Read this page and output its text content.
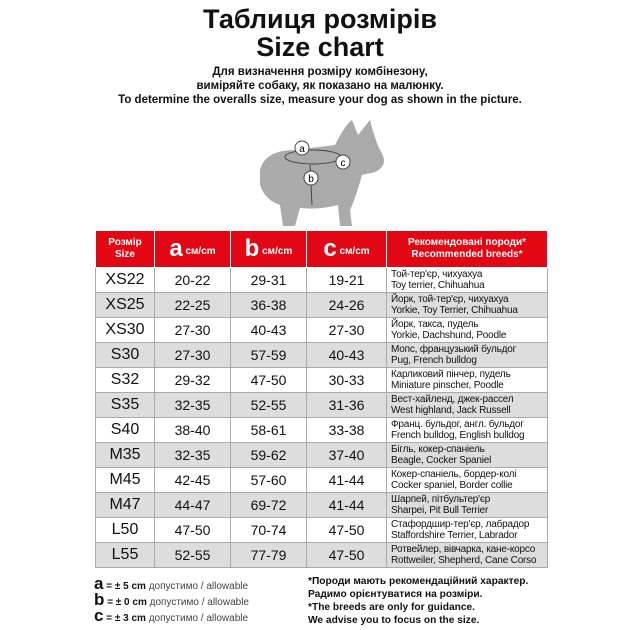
Таблиця розмірів
Size chart
Для визначення розміру комбінезону,
виміряйте собаку, як показано на малюнку.
To determine the overalls size, measure your dog as shown in the picture.
a
b
c
Розмір
Size	a см/cm	b см/cm	c см/cm	Рекомендовані породи*
Recommended breeds*
XS22	20-22	29-31	19-21	Той-тер'єр, чихуахуа
Toy terrier, Chihuahua
XS25	22-25	36-38	24-26	Йорк, той-тер'єр, чихуахуа
Yorkie, Toy Terrier, Chihuahua
XS30	27-30	40-43	27-30	Йорк, такса, пудель
Yorkie, Dachshund, Poodle
S30	27-30	57-59	40-43	Мопс, французький бульдог
Pug, French bulldog
S32	29-32	47-50	30-33	Карликовий пінчер, пудель
Miniature pinscher, Poodle
S35	32-35	52-55	31-36	Вест-хайленд, джек-рассел
West highland, Jack Russell
S40	38-40	58-61	33-38	Франц. бульдог, англ. бульдог
French bulldog, English bulldog
M35	32-35	59-62	37-40	Бігль, кокер-спаніель
Beagle, Cocker Spaniel
M45	42-45	57-60	41-44	Кокер-спаніель, бордер-колі
Cocker spaniel, Border collie
M47	44-47	69-72	41-44	Шарпей, пітбультер'єр
Sharpei, Pit Bull Terrier
L50	47-50	70-74	47-50	Стафордшир-тер'єр, лабрадор
Staffordshire Terrier, Labrador
L55	52-55	77-79	47-50	Ротвейлер, вівчарка, кане-корсо
Rottweiler, Shepherd, Cane Corso
a = ± 5 cm допустимо / allowable
b = ± 0 cm допустимо / allowable
c = ± 3 cm допустимо / allowable
*Породи мають рекомендаційний характер.
Радимо орієнтуватися на розміри.
*The breeds are only for guidance.
We advise you to focus on the size.
